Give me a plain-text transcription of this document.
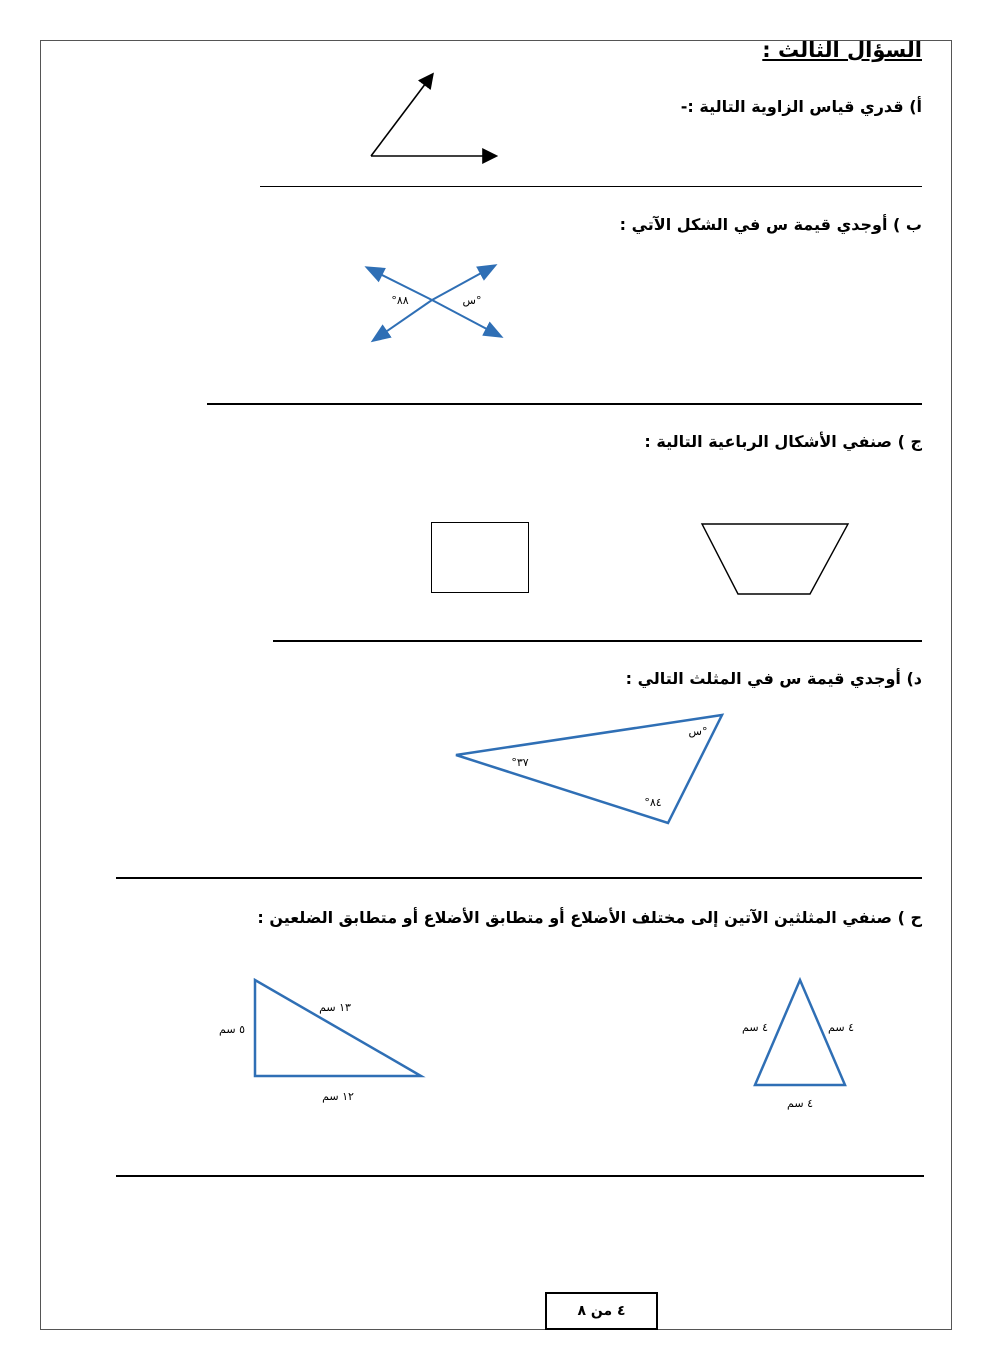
السؤال الثالث :
أ) قدري قياس الزاوية التالية :-
ب ) أوجدي قيمة س في الشكل الآتي :
°٨٨	س°
ج ) صنفي الأشكال الرباعية التالية :
د) أوجدي قيمة س في المثلث التالي :
س°
°٣٧
°٨٤
ح ) صنفي المثلثين الآتين إلى مختلف الأضلاع أو متطابق الأضلاع أو متطابق الضلعين :
١٣ سم
٥ سم
١٢ سم
٤ سم	٤ سم
٤ سم
٤ من ٨
